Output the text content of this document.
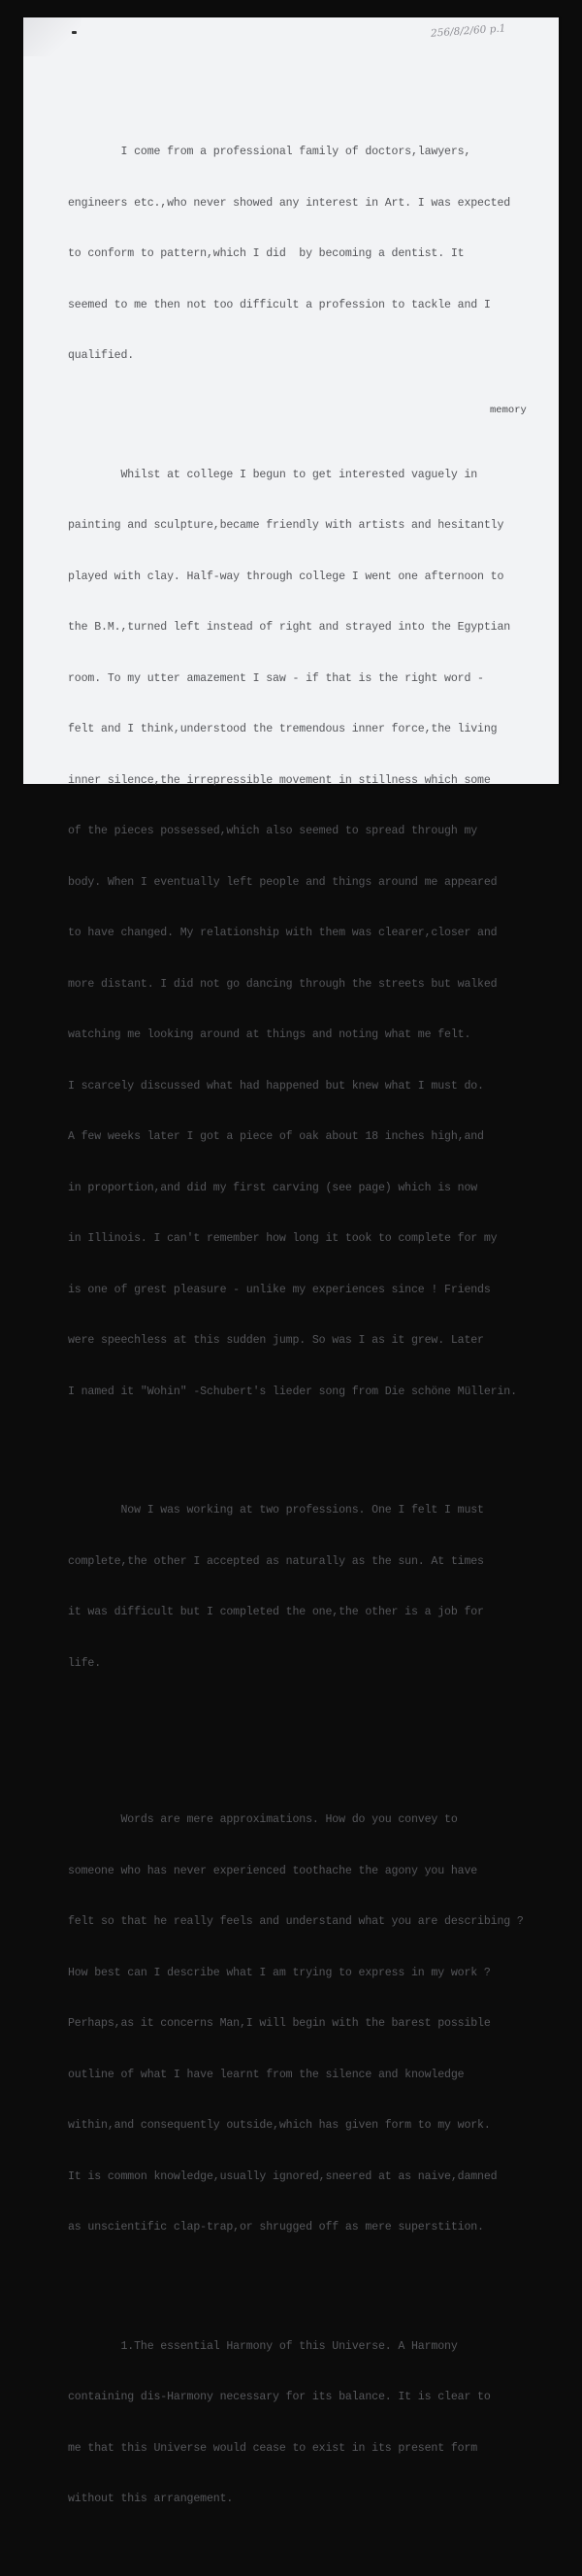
256/8/2/60 p.1

I come from a professional family of doctors,lawyers,

engineers etc.,who never showed any interest in Art. I was expected

to conform to pattern,which I did  by becoming a dentist. It

seemed to me then not too difficult a profession to tackle and I

qualified.

Whilst at college I begun to get interested vaguely in

painting and sculpture,became friendly with artists and hesitantly

played with clay. Half-way through college I went one afternoon to

the B.M.,turned left instead of right and strayed into the Egyptian

room. To my utter amazement I saw - if that is the right word -

felt and I think,understood the tremendous inner force,the living

inner silence,the irrepressible movement in stillness which some

of the pieces possessed,which also seemed to spread through my

body. When I eventually left people and things around me appeared

to have changed. My relationship with them was clearer,closer and

more distant. I did not go dancing through the streets but walked

watching me looking around at things and noting what me felt.

I scarcely discussed what had happened but knew what I must do.

A few weeks later I got a piece of oak about 18 inches high,and

in proportion,and did my first carving (see page) which is now

in Illinois. I can't remember how long it took to complete for my

is one of grest pleasure - unlike my experiences since ! Friends

were speechless at this sudden jump. So was I as it grew. Later

I named it "Wohin" -Schubert's lieder song from Die schöne Müllerin.

Now I was working at two professions. One I felt I must

complete,the other I accepted as naturally as the sun. At times

it was difficult but I completed the one,the other is a job for

life.

Words are mere approximations. How do you convey to

someone who has never experienced toothache the agony you have

felt so that he really feels and understand what you are describing ?

How best can I describe what I am trying to express in my work ?

Perhaps,as it concerns Man,I will begin with the barest possible

outline of what I have learnt from the silence and knowledge

within,and consequently outside,which has given form to my work.

It is common knowledge,usually ignored,sneered at as naive,damned

as unscientific clap-trap,or shrugged off as mere superstition.

1.The essential Harmony of this Universe. A Harmony

containing dis-Harmony necessary for its balance. It is clear to

me that this Universe would cease to exist in its present form

without this arrangement.

memory
